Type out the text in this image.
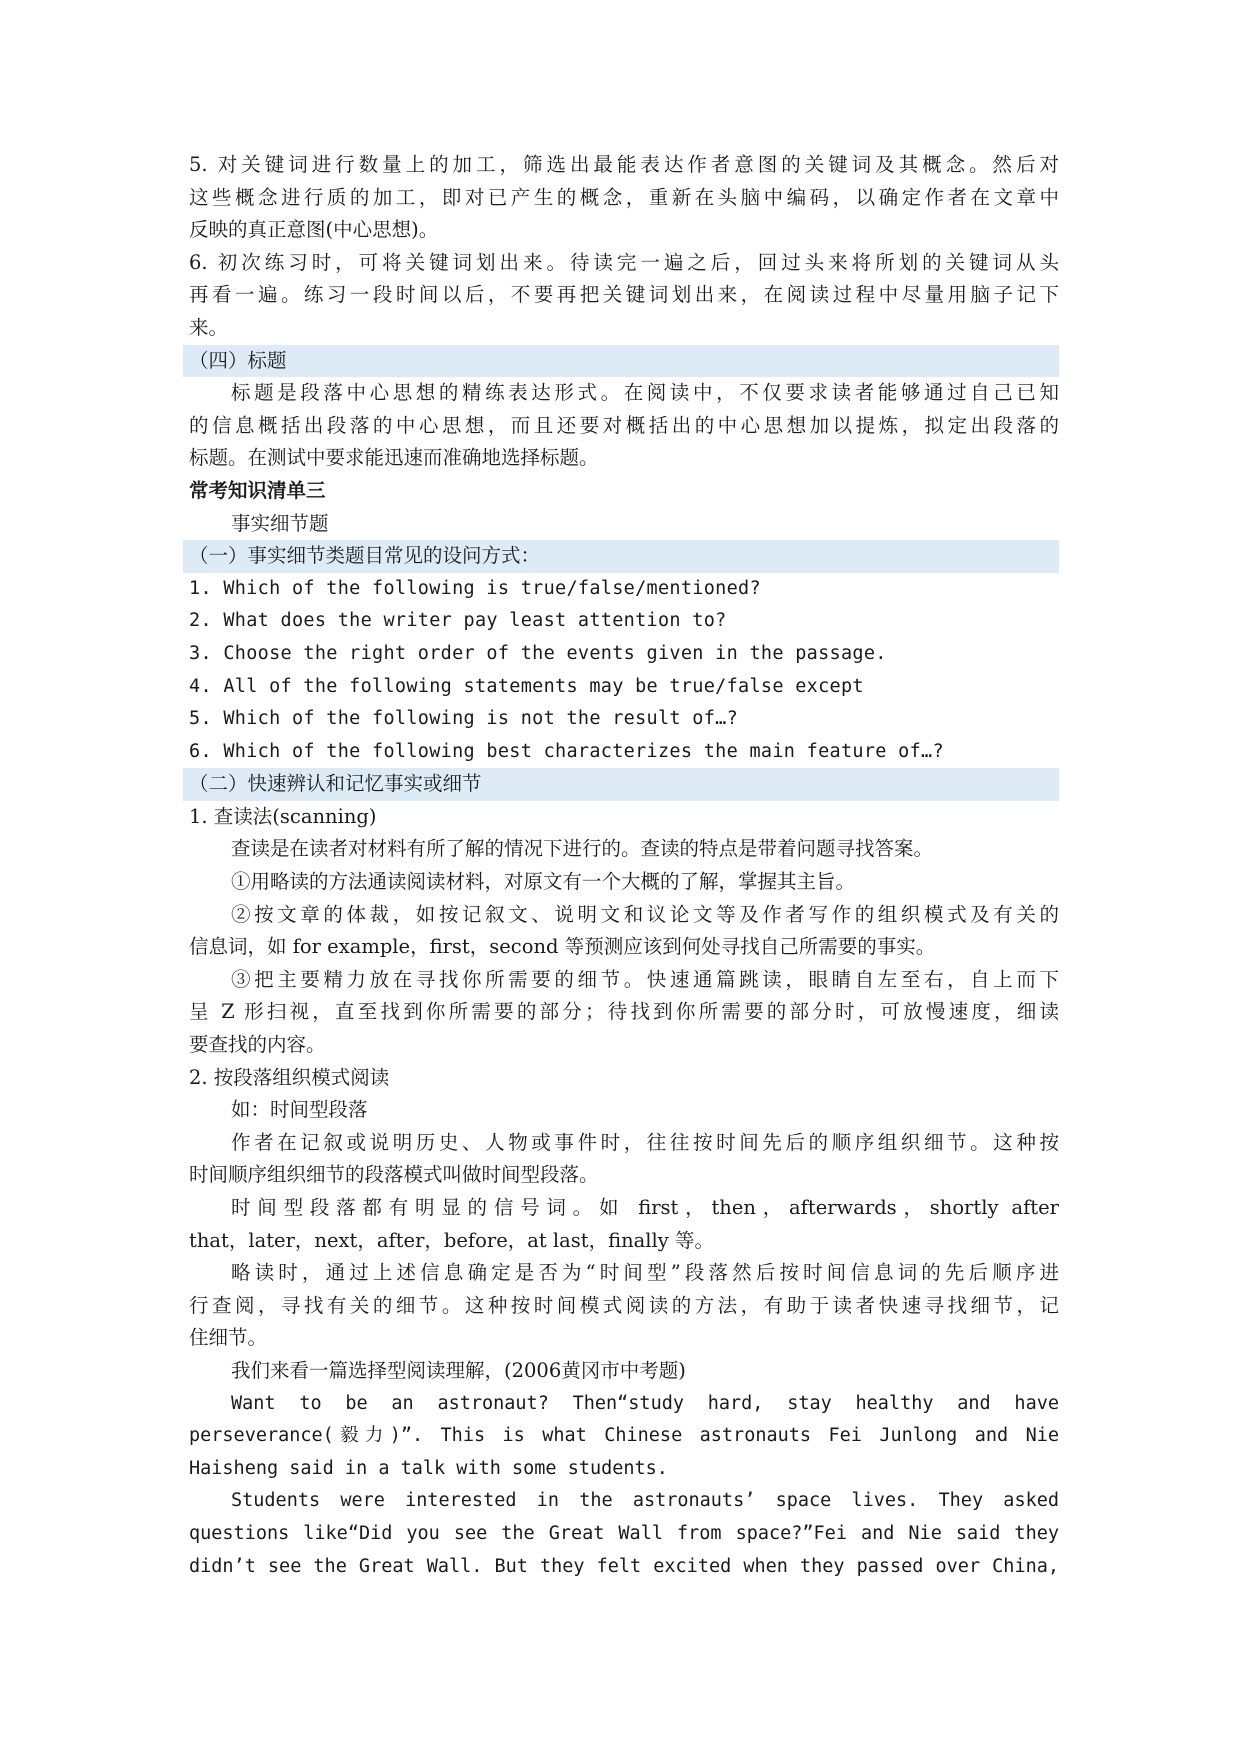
5. 对关键词进行数量上的加工，筛选出最能表达作者意图的关键词及其概念。然后对
这些概念进行质的加工，即对已产生的概念，重新在头脑中编码，以确定作者在文章中
反映的真正意图(中心思想)。
6. 初次练习时，可将关键词划出来。待读完一遍之后，回过头来将所划的关键词从头
再看一遍。练习一段时间以后，不要再把关键词划出来，在阅读过程中尽量用脑子记下
来。
（四）标题
标题是段落中心思想的精练表达形式。在阅读中，不仅要求读者能够通过自己已知
的信息概括出段落的中心思想，而且还要对概括出的中心思想加以提炼，拟定出段落的
标题。在测试中要求能迅速而准确地选择标题。
常考知识清单三
事实细节题
（一）事实细节类题目常见的设问方式：
1. Which of the following is true/false/mentioned?
2. What does the writer pay least attention to?
3. Choose the right order of the events given in the passage.
4. All of the following statements may be true/false except
5. Which of the following is not the result of…?
6. Which of the following best characterizes the main feature of…?
（二）快速辨认和记忆事实或细节
1. 查读法(scanning)
查读是在读者对材料有所了解的情况下进行的。查读的特点是带着问题寻找答案。
①用略读的方法通读阅读材料，对原文有一个大概的了解，掌握其主旨。
②按文章的体裁，如按记叙文、说明文和议论文等及作者写作的组织模式及有关的
信息词，如 for example，first，second 等预测应该到何处寻找自己所需要的事实。
③把主要精力放在寻找你所需要的细节。快速通篇跳读，眼睛自左至右，自上而下
呈 Z 形扫视，直至找到你所需要的部分；待找到你所需要的部分时，可放慢速度，细读
要查找的内容。
2. 按段落组织模式阅读
如：时间型段落
作者在记叙或说明历史、人物或事件时，往往按时间先后的顺序组织细节。这种按
时间顺序组织细节的段落模式叫做时间型段落。
时间型段落都有明显的信号词。如 first，then，afterwards，shortly after
that，later，next，after，before，at last，finally 等。
略读时，通过上述信息确定是否为“时间型”段落然后按时间信息词的先后顺序进
行查阅，寻找有关的细节。这种按时间模式阅读的方法，有助于读者快速寻找细节，记
住细节。
我们来看一篇选择型阅读理解，(2006黄冈市中考题)
Want to be an astronaut? Then“study hard, stay healthy and have
perseverance(毅力)”. This is what Chinese astronauts Fei Junlong and Nie
Haisheng said in a talk with some students.
Students were interested in the astronauts’ space lives. They asked
questions like“Did you see the Great Wall from space?”Fei and Nie said they
didn’t see the Great Wall. But they felt excited when they passed over China,
